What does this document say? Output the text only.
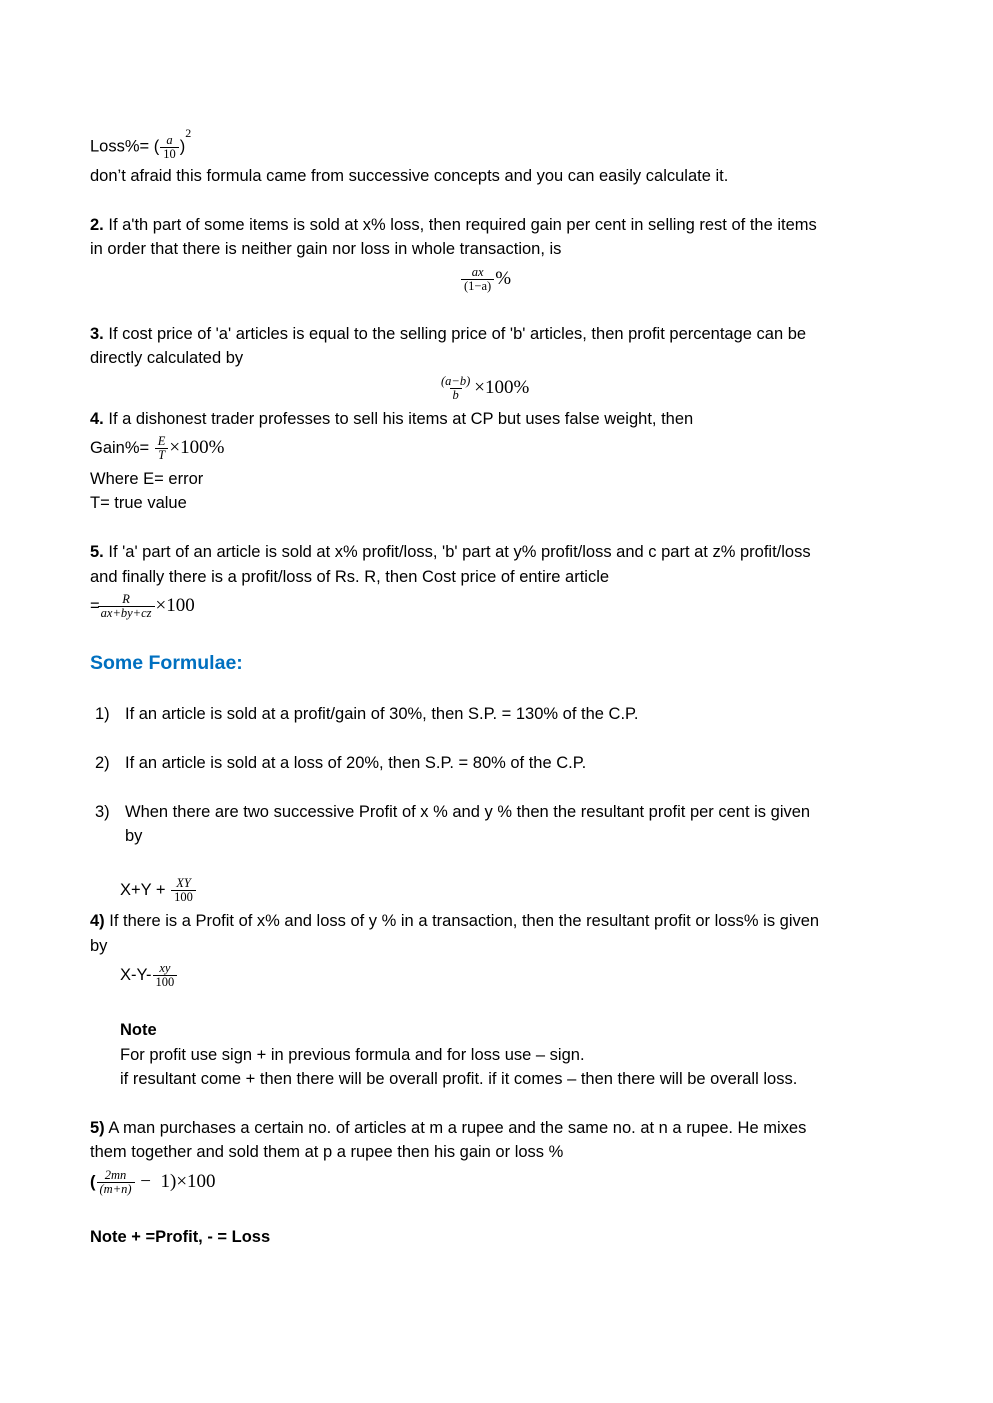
Loss%= ( $\frac{a}{10} )^2$
don’t afraid this formula came from successive concepts and you can easily calculate it.
2. If a'th part of some items is sold at x% loss, then required gain per cent in selling rest of the items
in order that there is neither gain nor loss in whole transaction, is
$\frac{ax}{(1-a)}$ %
3. If cost price of 'a' articles is equal to the selling price of 'b' articles, then profit percentage can be
directly calculated by
$\frac{(a-b)}{b} \times 100\%$
4. If a dishonest trader professes to sell his items at CP but uses false weight, then
Gain%= $\frac{E}{T} \times 100\%$
Where E= error
T= true value
5. If 'a' part of an article is sold at x% profit/loss, 'b' part at y% profit/loss and c part at z% profit/loss
and finally there is a profit/loss of Rs. R, then Cost price of entire article
=
$\frac{R}{ax+by+cz} \times 100$
Some Formulae:
1) If an article is sold at a profit/gain of 30%, then S.P. = 130% of the C.P.
2) If an article is sold at a loss of 20%, then S.P. = 80% of the C.P.
3) When there are two successive Profit of x % and y % then the resultant profit per cent is given
by
$X+Y + \frac{XY}{100}$
4) If there is a Profit of x% and loss of y % in a transaction, then the resultant profit or loss% is given
by
$X-Y- \frac{xy}{100}$
Note
For profit use sign + in previous formula and for loss use – sign.
if resultant come + then there will be overall profit. if it comes – then there will be overall loss.
5) A man purchases a certain no. of articles at m a rupee and the same no. at n a rupee. He mixes
them together and sold them at p a rupee then his gain or loss %
( $\frac{2mn}{(m+n)} - 1)\times 100$
Note + =Profit, - = Loss
